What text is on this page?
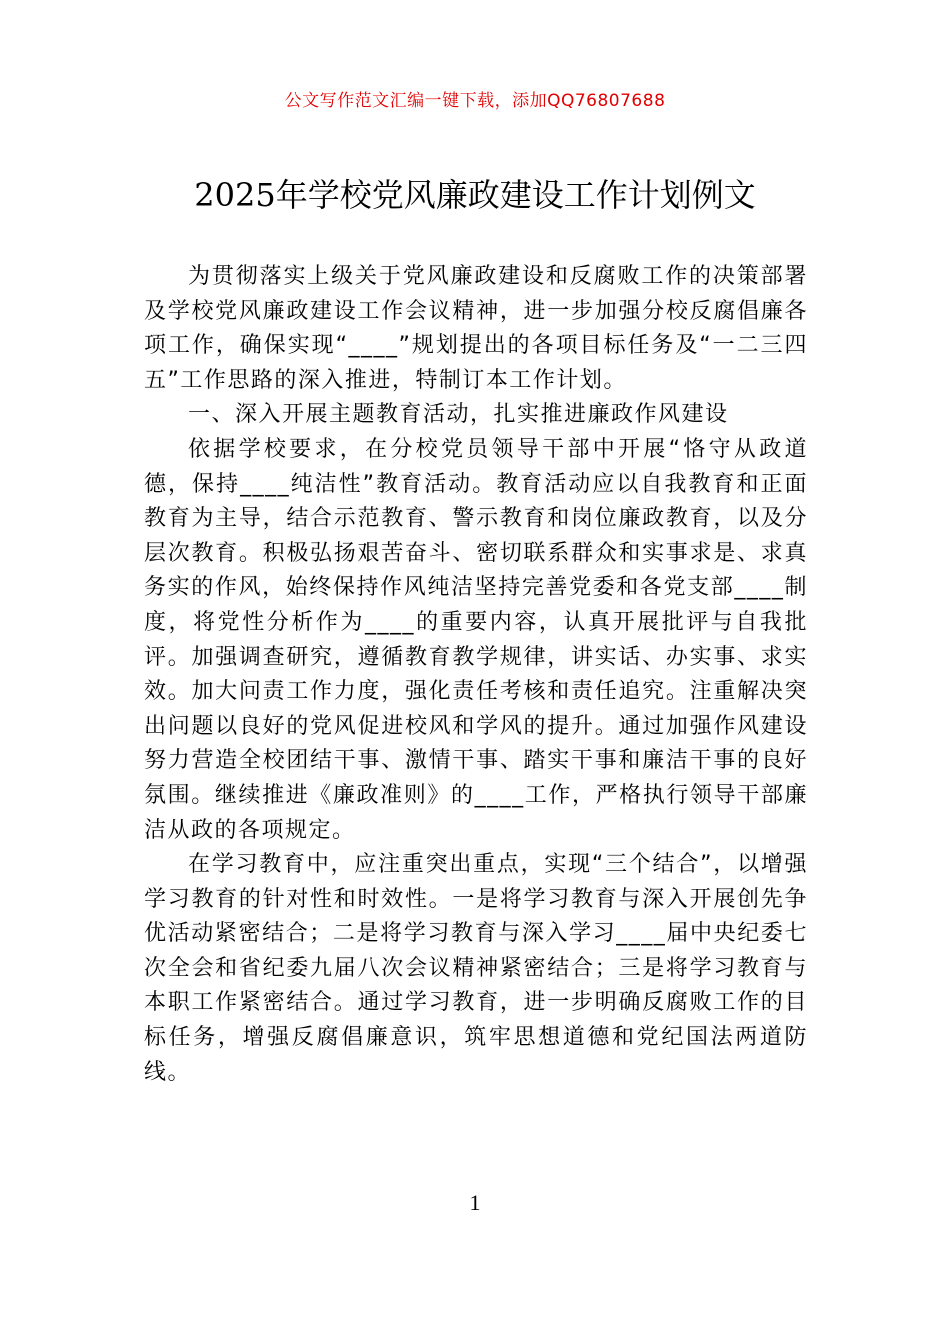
公文写作范文汇编一键下载，添加QQ76807688
2025年学校党风廉政建设工作计划例文

为贯彻落实上级关于党风廉政建设和反腐败工作的决策部署及学校党风廉政建设工作会议精神，进一步加强分校反腐倡廉各项工作，确保实现“____”规划提出的各项目标任务及“一二三四五”工作思路的深入推进，特制订本工作计划。

一、深入开展主题教育活动，扎实推进廉政作风建设

依据学校要求，在分校党员领导干部中开展“恪守从政道德，保持____纯洁性”教育活动。教育活动应以自我教育和正面教育为主导，结合示范教育、警示教育和岗位廉政教育，以及分层次教育。积极弘扬艰苦奋斗、密切联系群众和实事求是、求真务实的作风，始终保持作风纯洁坚持完善党委和各党支部____制度，将党性分析作为____的重要内容，认真开展批评与自我批评。加强调查研究，遵循教育教学规律，讲实话、办实事、求实效。加大问责工作力度，强化责任考核和责任追究。注重解决突出问题以良好的党风促进校风和学风的提升。通过加强作风建设努力营造全校团结干事、激情干事、踏实干事和廉洁干事的良好氛围。继续推进《廉政准则》的____工作，严格执行领导干部廉洁从政的各项规定。

在学习教育中，应注重突出重点，实现“三个结合”，以增强学习教育的针对性和时效性。一是将学习教育与深入开展创先争优活动紧密结合；二是将学习教育与深入学习____届中央纪委七次全会和省纪委九届八次会议精神紧密结合；三是将学习教育与本职工作紧密结合。通过学习教育，进一步明确反腐败工作的目标任务，增强反腐倡廉意识，筑牢思想道德和党纪国法两道防线。

1
